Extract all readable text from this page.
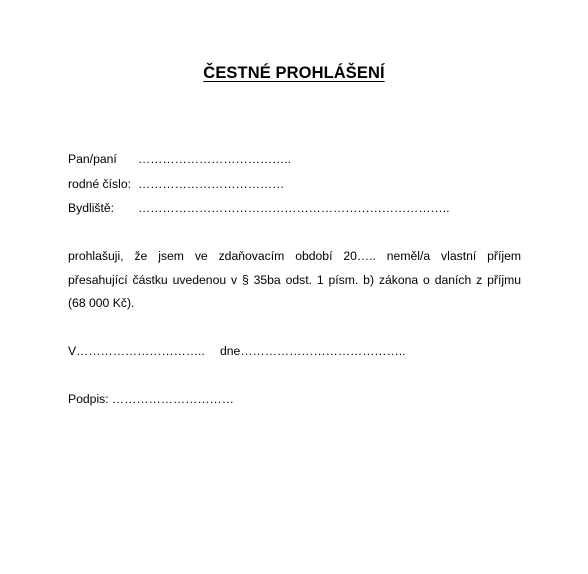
ČESTNÉ PROHLÁŠENÍ
Pan/paní ………………………………..
rodné číslo: ………………………………
Bydliště: …………………………………………………………………..
prohlašuji, že jsem ve zdaňovacím období 20….. neměl/a vlastní příjem
přesahující částku uvedenou v § 35ba odst. 1 písm. b) zákona o daních z příjmu
(68 000 Kč).
V………………………….. dne…………………………………..
Podpis: …………………………
